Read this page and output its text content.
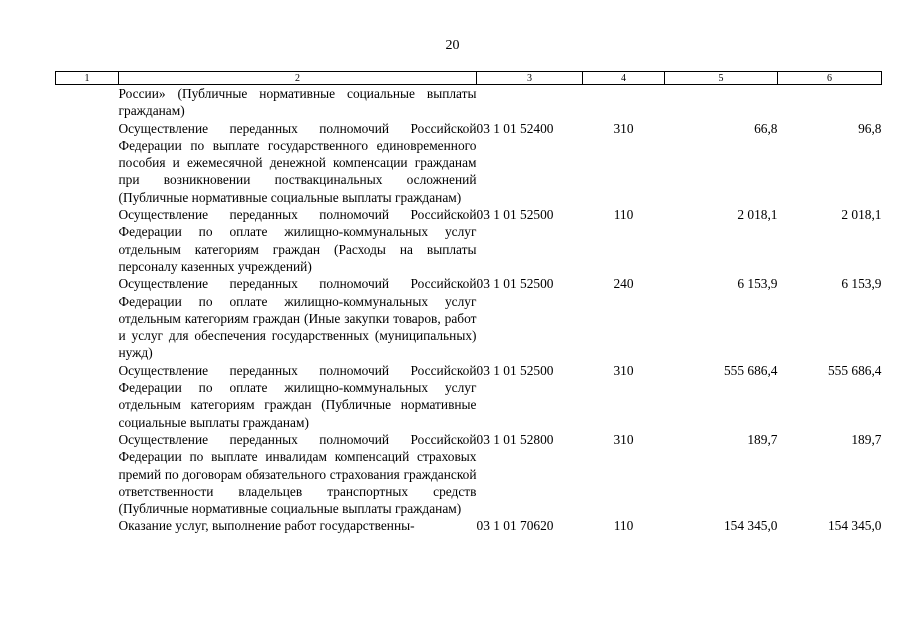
20
1	2	3	4	5	6
	России» (Публичные нормативные социальные выплаты гражданам)				
	Осуществление переданных полномочий Российской Федерации по выплате государственного единовременного пособия и ежемесячной денежной компенсации гражданам при возникновении поствакцинальных осложнений (Публичные нормативные социальные выплаты гражданам)	03 1 01 52400	310	66,8	96,8
	Осуществление переданных полномочий Российской Федерации по оплате жилищно-коммунальных услуг отдельным категориям граждан (Расходы на выплаты персоналу казенных учреждений)	03 1 01 52500	110	2 018,1	2 018,1
	Осуществление переданных полномочий Российской Федерации по оплате жилищно-коммунальных услуг отдельным категориям граждан (Иные закупки товаров, работ и услуг для обеспечения государственных (муниципальных) нужд)	03 1 01 52500	240	6 153,9	6 153,9
	Осуществление переданных полномочий Российской Федерации по оплате жилищно-коммунальных услуг отдельным категориям граждан (Публичные нормативные социальные выплаты гражданам)	03 1 01 52500	310	555 686,4	555 686,4
	Осуществление переданных полномочий Российской Федерации по выплате инвалидам компенсаций страховых премий по договорам обязательного страхования гражданской ответственности владельцев транспортных средств (Публичные нормативные социальные выплаты гражданам)	03 1 01 52800	310	189,7	189,7
	Оказание услуг, выполнение работ государственны-	03 1 01 70620	110	154 345,0	154 345,0
